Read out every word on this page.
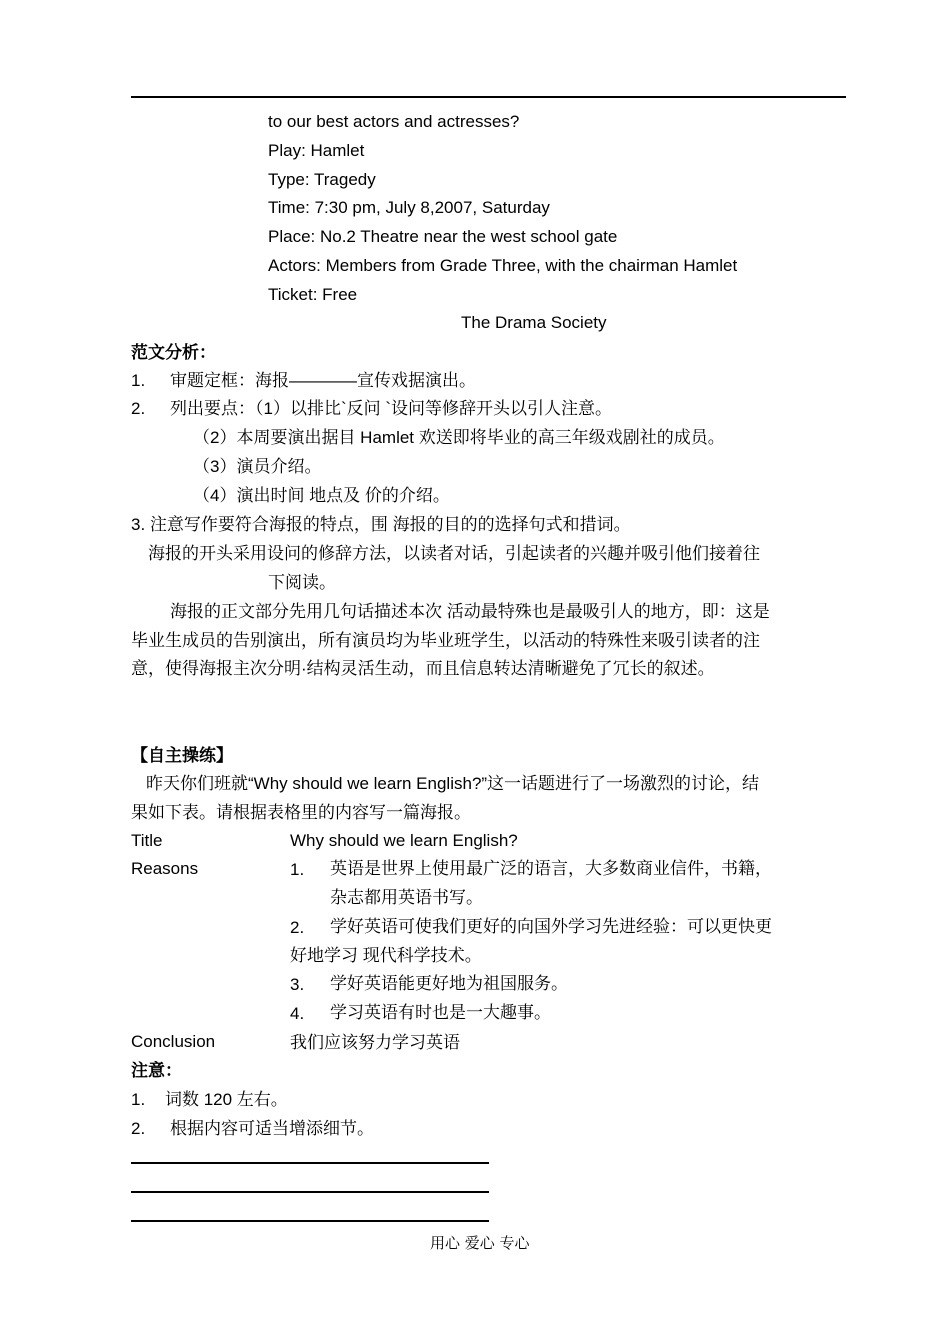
to our best actors and actresses?
Play: Hamlet
Type: Tragedy
Time: 7:30 pm, July 8,2007, Saturday
Place: No.2 Theatre near the west school gate
Actors: Members from Grade Three, with the chairman Hamlet
Ticket: Free
The Drama Society
范文分析：
1. 审题定框：海报————宣传戏据演出。
2. 列出要点：（1）以排比`反问 `设问等修辞开头以引人注意。
（2）本周要演出据目 Hamlet 欢送即将毕业的高三年级戏剧社的成员。
（3）演员介绍。
（4）演出时间 地点及 价的介绍。
3. 注意写作要符合海报的特点，围 海报的目的的选择句式和措词。
海报的开头采用设问的修辞方法，以读者对话，引起读者的兴趣并吸引他们接着往
下阅读。
海报的正文部分先用几句话描述本次 活动最特殊也是最吸引人的地方，即：这是
毕业生成员的告别演出，所有演员均为毕业班学生，以活动的特殊性来吸引读者的注
意，使得海报主次分明·结构灵活生动，而且信息转达清晰避免了冗长的叙述。
【自主操练】
昨天你们班就“Why should we learn English?”这一话题进行了一场激烈的讨论，结
果如下表。请根据表格里的内容写一篇海报。
Title	Why should we learn English?
Reasons	1. 英语是世界上使用最广泛的语言，大多数商业信件，书籍，
杂志都用英语书写。
2. 学好英语可使我们更好的向国外学习先进经验：可以更快更
好地学习 现代科学技术。
3. 学好英语能更好地为祖国服务。
4. 学习英语有时也是一大趣事。
Conclusion	我们应该努力学习英语
注意：
1. 词数 120 左右。
2. 根据内容可适当增添细节。
用心 爱心 专心
